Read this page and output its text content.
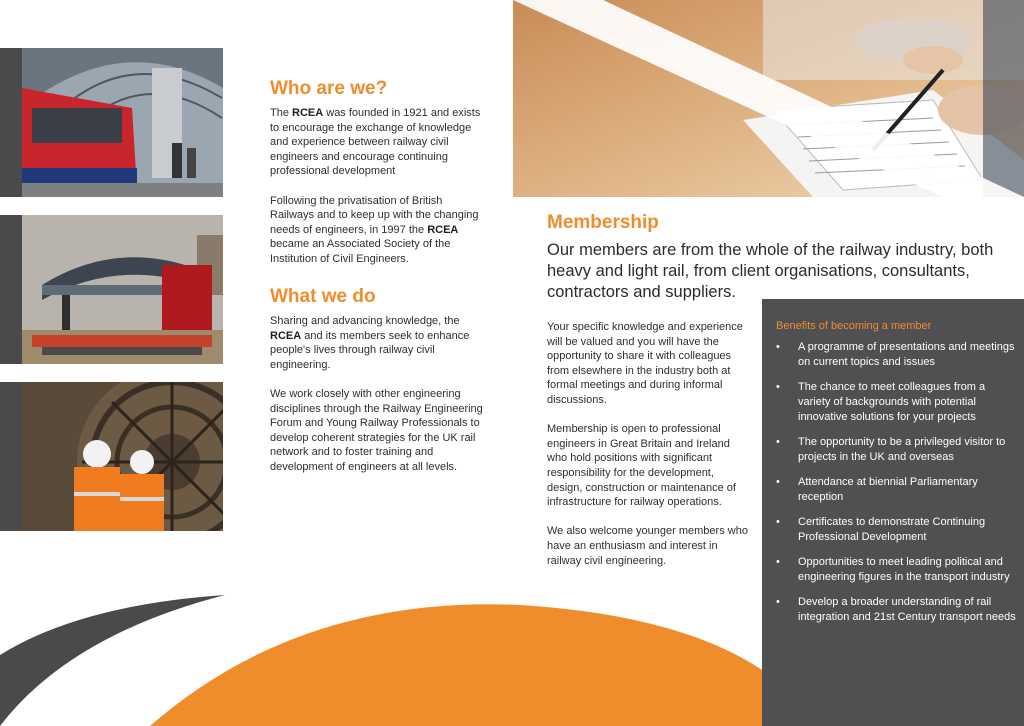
Who are we?

The RCEA was founded in 1921 and exists to encourage the exchange of knowledge and experience between railway civil engineers and encourage continuing professional development

Following the privatisation of British Railways and to keep up with the changing needs of engineers, in 1997 the RCEA became an Associated Society of the Institution of Civil Engineers.

What we do

Sharing and advancing knowledge, the RCEA and its members seek to enhance people's lives through railway civil engineering.

We work closely with other engineering disciplines through the Railway Engineering Forum and Young Railway Professionals to develop coherent strategies for the UK rail network and to foster training and development of engineers at all levels.

Membership
Our members are from the whole of the railway industry, both heavy and light rail, from client organisations, consultants, contractors and suppliers.

Your specific knowledge and experience will be valued and you will have the opportunity to share it with colleagues from elsewhere in the industry both at formal meetings and during informal discussions.

Membership is open to professional engineers in Great Britain and Ireland who hold positions with significant responsibility for the development, design, construction or maintenance of infrastructure for railway operations.

We also welcome younger members who have an enthusiasm and interest in railway civil engineering.

Benefits of becoming a member
• A programme of presentations and meetings on current topics and issues
• The chance to meet colleagues from a variety of backgrounds with potential innovative solutions for your projects
• The opportunity to be a privileged visitor to projects in the UK and overseas
• Attendance at biennial Parliamentary reception
• Certificates to demonstrate Continuing Professional Development
• Opportunities to meet leading political and engineering figures in the transport industry
• Develop a broader understanding of rail integration and 21st Century transport needs
